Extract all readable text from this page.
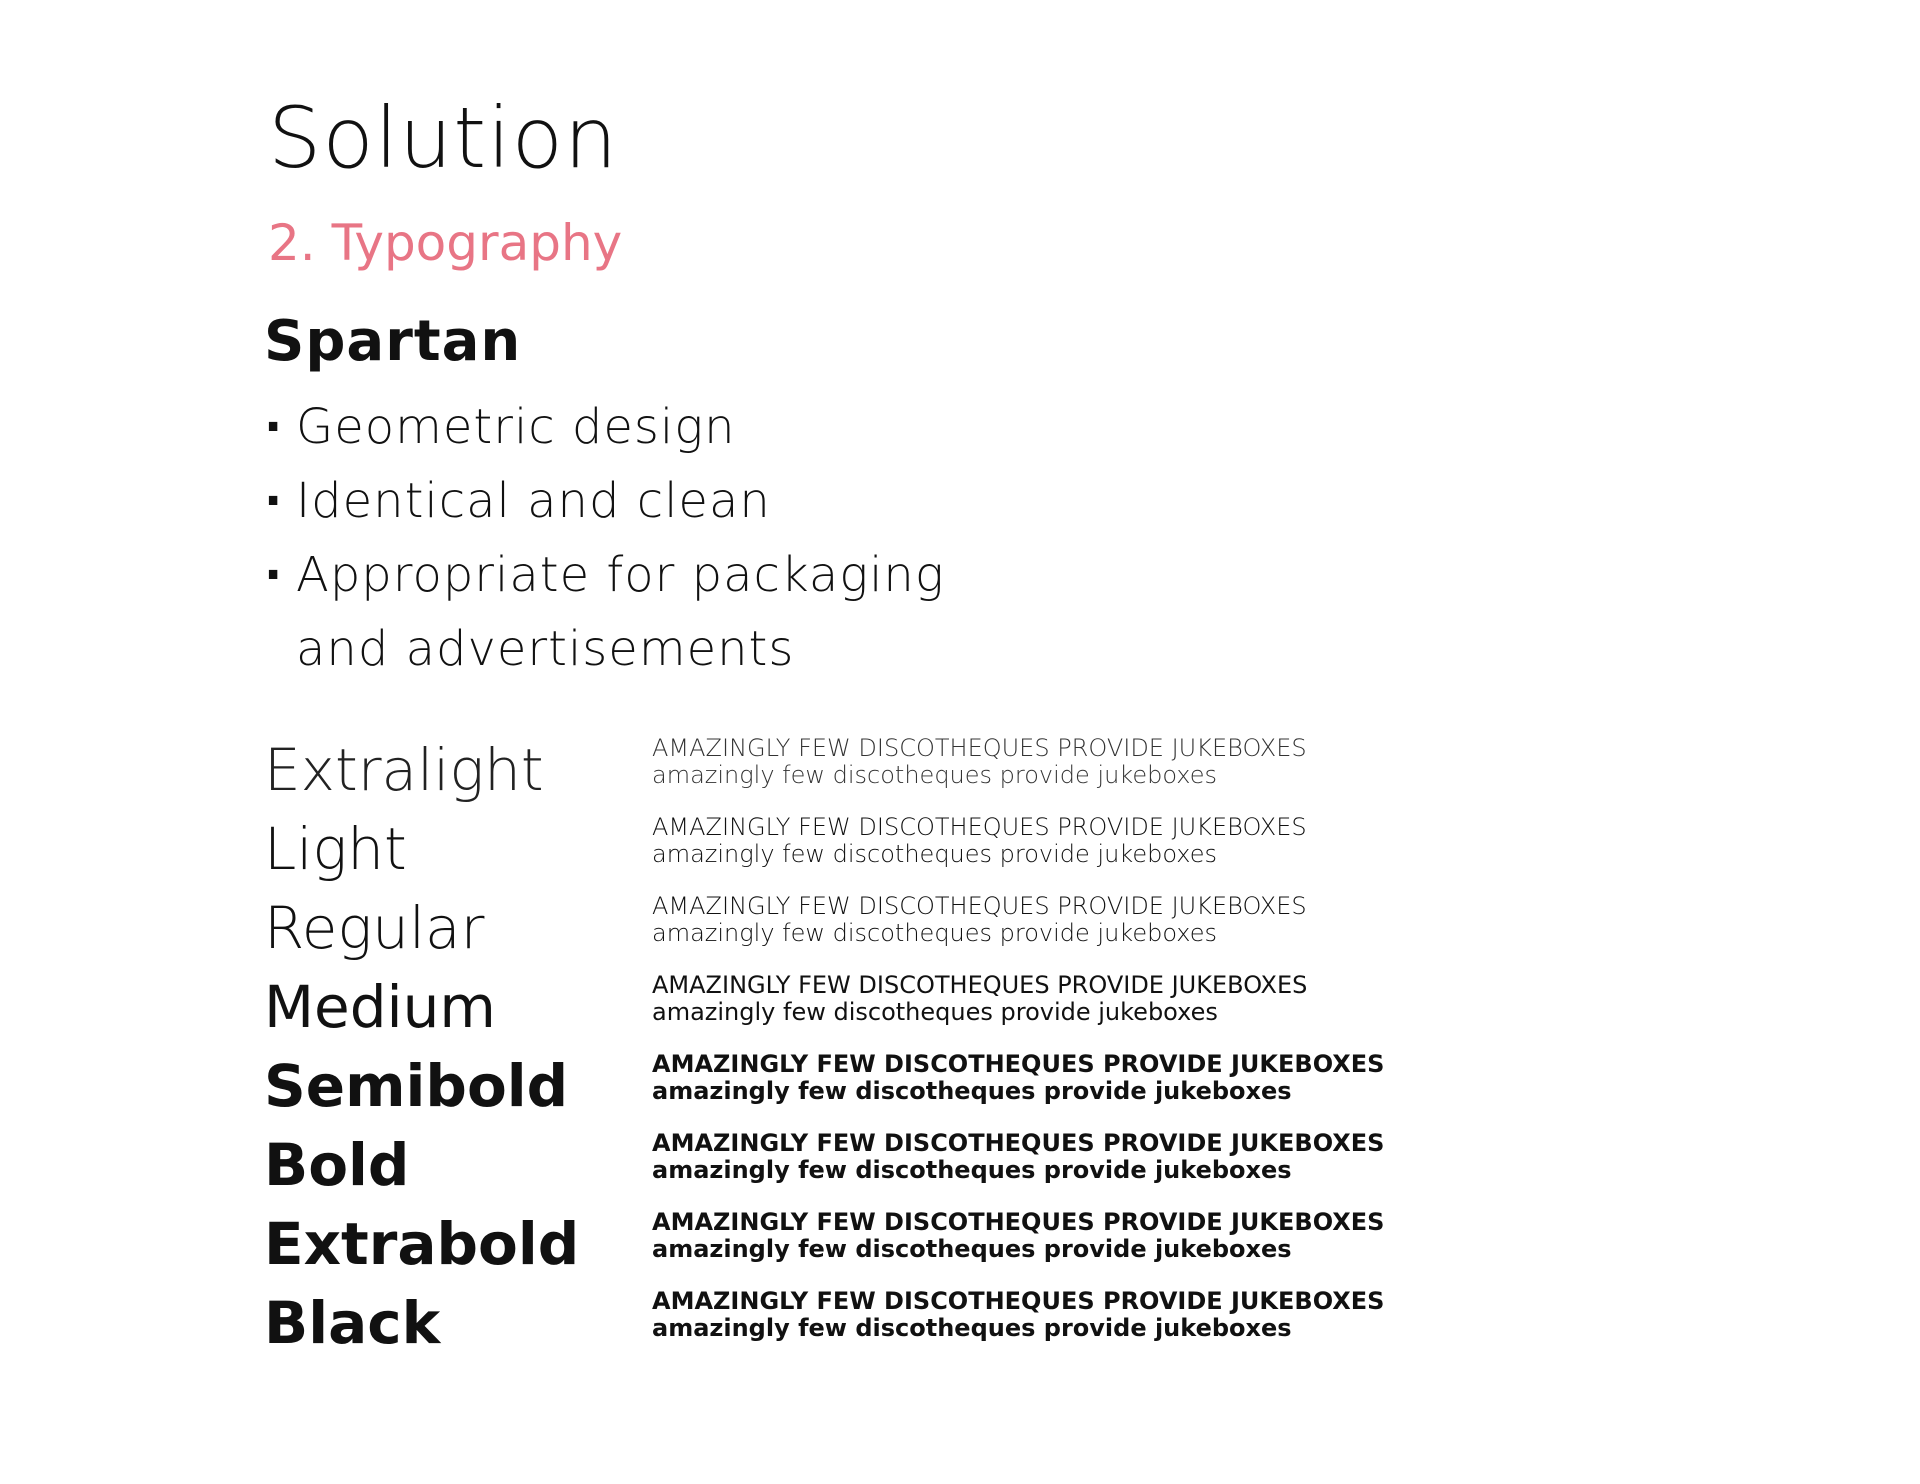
Solution
2. Typography
Spartan
· Geometric design
· Identical and clean
· Appropriate for packaging
and advertisements
Extralight	AMAZINGLY FEW DISCOTHEQUES PROVIDE JUKEBOXES
amazingly few discotheques provide jukeboxes
Light	AMAZINGLY FEW DISCOTHEQUES PROVIDE JUKEBOXES
amazingly few discotheques provide jukeboxes
Regular	AMAZINGLY FEW DISCOTHEQUES PROVIDE JUKEBOXES
amazingly few discotheques provide jukeboxes
Medium	AMAZINGLY FEW DISCOTHEQUES PROVIDE JUKEBOXES
amazingly few discotheques provide jukeboxes
Semibold	AMAZINGLY FEW DISCOTHEQUES PROVIDE JUKEBOXES
amazingly few discotheques provide jukeboxes
Bold	AMAZINGLY FEW DISCOTHEQUES PROVIDE JUKEBOXES
amazingly few discotheques provide jukeboxes
Extrabold	AMAZINGLY FEW DISCOTHEQUES PROVIDE JUKEBOXES
amazingly few discotheques provide jukeboxes
Black	AMAZINGLY FEW DISCOTHEQUES PROVIDE JUKEBOXES
amazingly few discotheques provide jukeboxes
